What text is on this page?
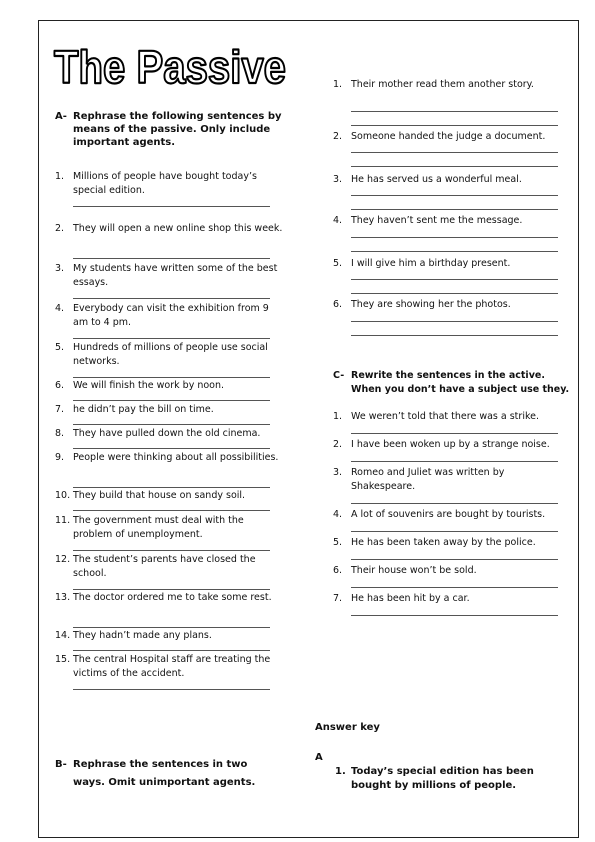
The Passive
A- Rephrase the following sentences by means of the passive. Only include important agents.
1. Millions of people have bought today’s special edition.
2. They will open a new online shop this week.
3. My students have written some of the best essays.
4. Everybody can visit the exhibition from 9 am to 4 pm.
5. Hundreds of millions of people use social networks.
6. We will finish the work by noon.
7. he didn’t pay the bill on time.
8. They have pulled down the old cinema.
9. People were thinking about all possibilities.
10. They build that house on sandy soil.
11. The government must deal with the problem of unemployment.
12. The student’s parents have closed the school.
13. The doctor ordered me to take some rest.
14. They hadn’t made any plans.
15. The central Hospital staff are treating the victims of the accident.
B- Rephrase the sentences in two ways. Omit unimportant agents.
1. Their mother read them another story.
2. Someone handed the judge a document.
3. He has served us a wonderful meal.
4. They haven’t sent me the message.
5. I will give him a birthday present.
6. They are showing her the photos.
C- Rewrite the sentences in the active. When you don’t have a subject use they.
1. We weren’t told that there was a strike.
2. I have been woken up by a strange noise.
3. Romeo and Juliet was written by Shakespeare.
4. A lot of souvenirs are bought by tourists.
5. He has been taken away by the police.
6. Their house won’t be sold.
7. He has been hit by a car.
Answer key
A
1. Today’s special edition has been bought by millions of people.
